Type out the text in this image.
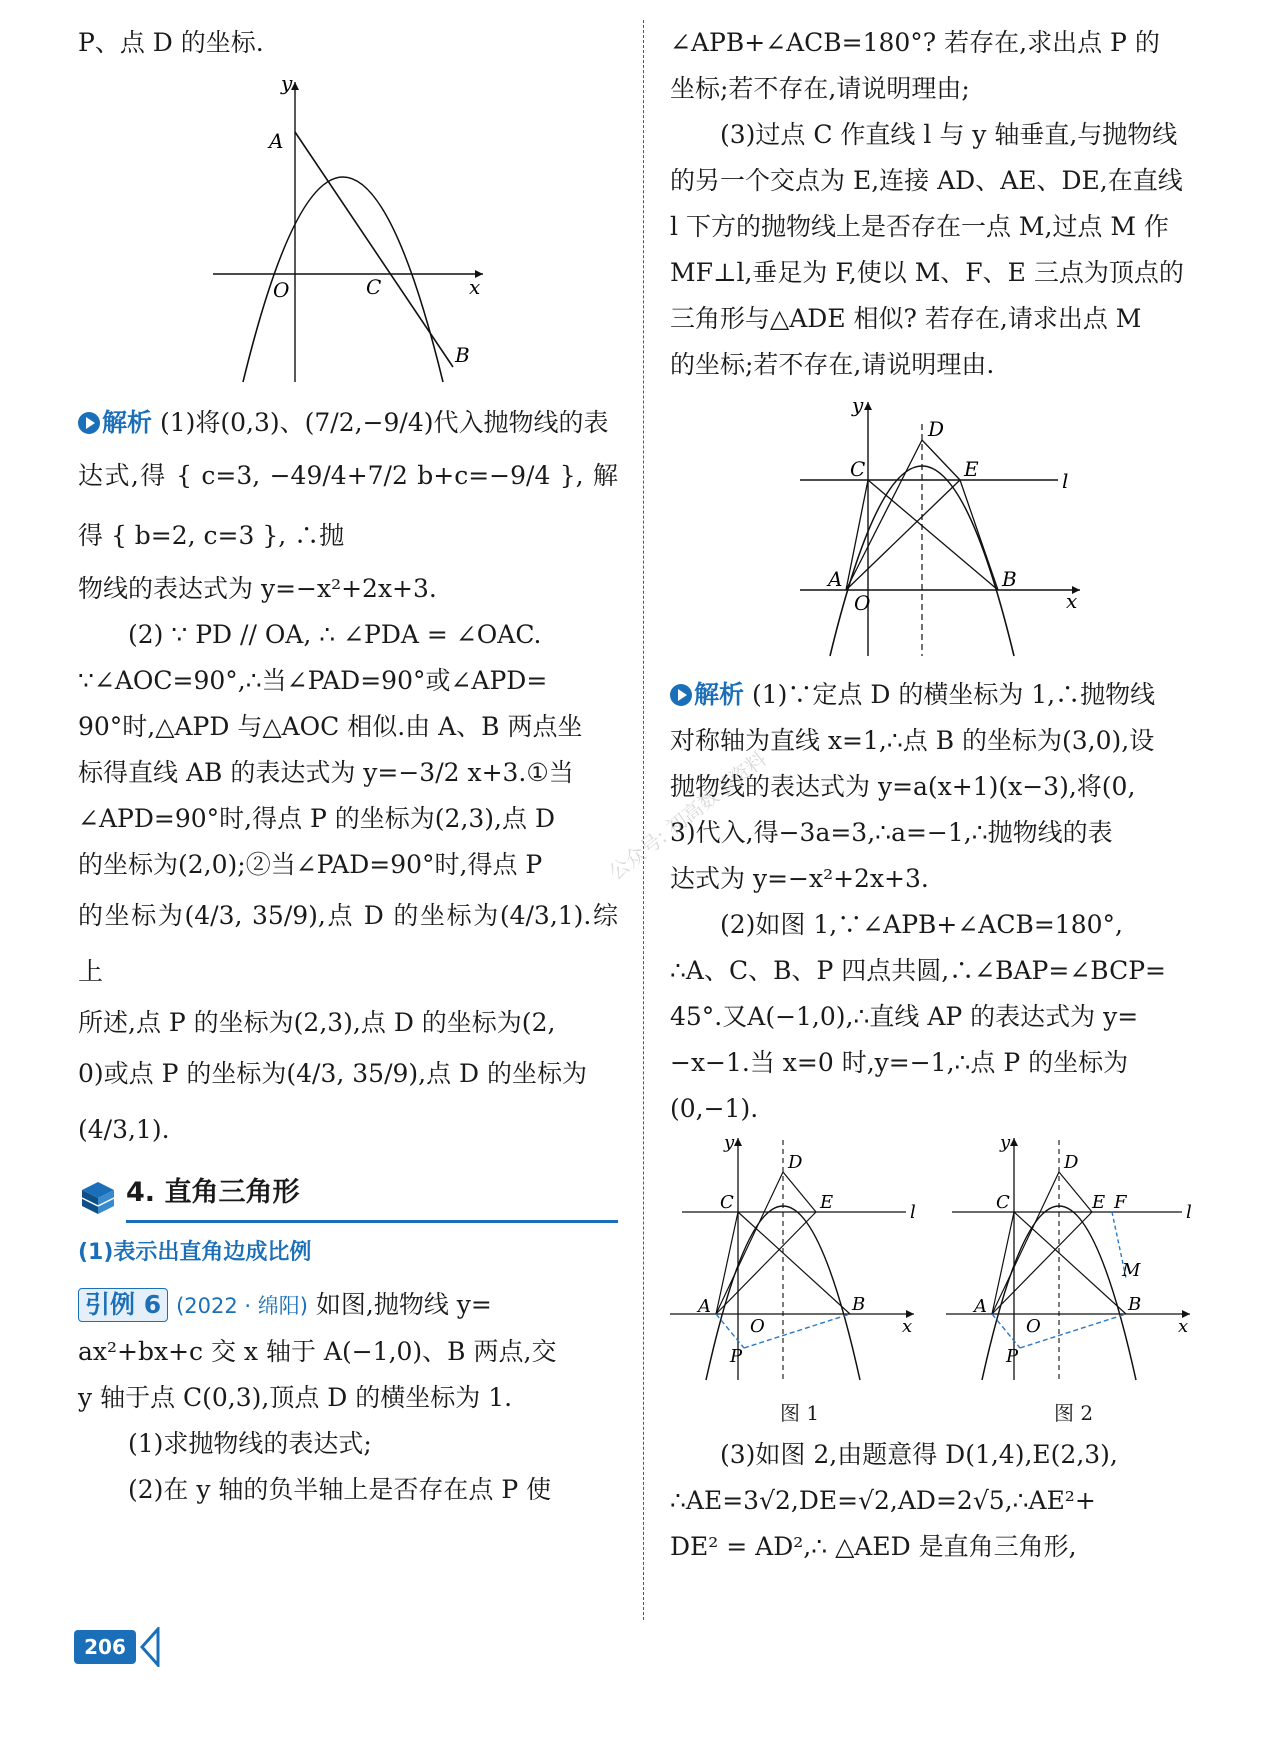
公众号: 初高数学资料

P、点 D 的坐标.

y
A
O	C	x
B

解析 (1)将(0,3)、(7/2,−9/4)代入抛物线的表

达式,得 { c=3, −49/4+7/2 b+c=−9/4 }, 解得 { b=2, c=3 }, ∴抛

物线的表达式为 y=−x²+2x+3.

(2) ∵ PD // OA, ∴ ∠PDA = ∠OAC.

∵∠AOC=90°,∴当∠PAD=90°或∠APD=

90°时,△APD 与△AOC 相似.由 A、B 两点坐

标得直线 AB 的表达式为 y=−3/2 x+3.①当

∠APD=90°时,得点 P 的坐标为(2,3),点 D

的坐标为(2,0);②当∠PAD=90°时,得点 P

的坐标为(4/3, 35/9),点 D 的坐标为(4/3,1).综上

所述,点 P 的坐标为(2,3),点 D 的坐标为(2,

0)或点 P 的坐标为(4/3, 35/9),点 D 的坐标为

(4/3,1).

4. 直角三角形

(1)表示出直角边成比例

引例 6 (2022 · 绵阳) 如图,抛物线 y=

ax²+bx+c 交 x 轴于 A(−1,0)、B 两点,交

y 轴于点 C(0,3),顶点 D 的横坐标为 1.

(1)求抛物线的表达式;

(2)在 y 轴的负半轴上是否存在点 P 使

∠APB+∠ACB=180°? 若存在,求出点 P 的

坐标;若不存在,请说明理由;

(3)过点 C 作直线 l 与 y 轴垂直,与抛物线

的另一个交点为 E,连接 AD、AE、DE,在直线

l 下方的抛物线上是否存在一点 M,过点 M 作

MF⊥l,垂足为 F,使以 M、F、E 三点为顶点的

三角形与△ADE 相似? 若存在,请求出点 M

的坐标;若不存在,请说明理由.

y
D
C	E	l
A	B
O	x

解析 (1)∵定点 D 的横坐标为 1,∴抛物线

对称轴为直线 x=1,∴点 B 的坐标为(3,0),设

抛物线的表达式为 y=a(x+1)(x−3),将(0,

3)代入,得−3a=3,∴a=−1,∴抛物线的表

达式为 y=−x²+2x+3.

(2)如图 1,∵∠APB+∠ACB=180°,

∴A、C、B、P 四点共圆,∴∠BAP=∠BCP=

45°.又A(−1,0),∴直线 AP 的表达式为 y=

−x−1.当 x=0 时,y=−1,∴点 P 的坐标为

(0,−1).

y
D
C	E	l
A	B
O	x
P
图 1
y
D
C	E F	l
M
A	B
O	x
P
图 2

(3)如图 2,由题意得 D(1,4),E(2,3),

∴AE=3√2,DE=√2,AD=2√5,∴AE²+

DE² = AD²,∴ △AED 是直角三角形,

206
